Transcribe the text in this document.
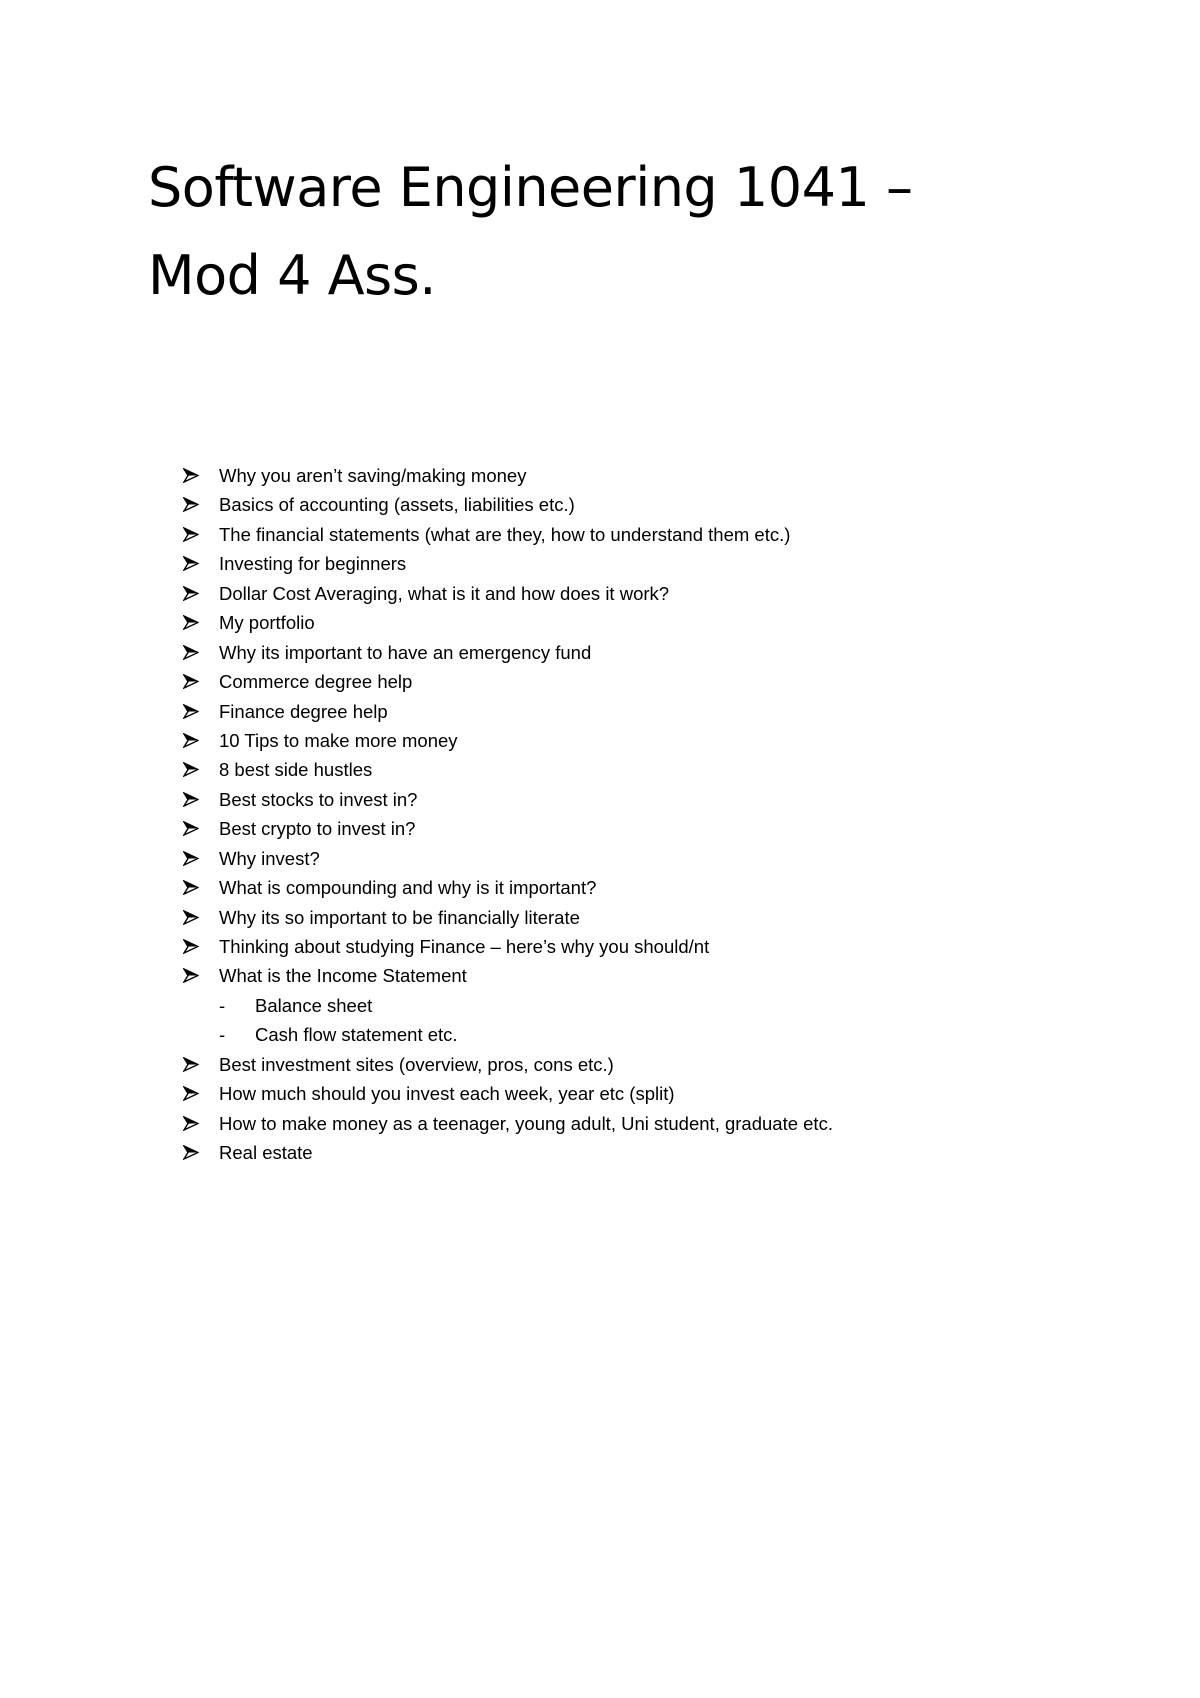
Software Engineering 1041 –
Mod 4 Ass.
Why you aren’t saving/making money
Basics of accounting (assets, liabilities etc.)
The financial statements (what are they, how to understand them etc.)
Investing for beginners
Dollar Cost Averaging, what is it and how does it work?
My portfolio
Why its important to have an emergency fund
Commerce degree help
Finance degree help
10 Tips to make more money
8 best side hustles
Best stocks to invest in?
Best crypto to invest in?
Why invest?
What is compounding and why is it important?
Why its so important to be financially literate
Thinking about studying Finance – here’s why you should/nt
What is the Income Statement
- Balance sheet
- Cash flow statement etc.
Best investment sites (overview, pros, cons etc.)
How much should you invest each week, year etc (split)
How to make money as a teenager, young adult, Uni student, graduate etc.
Real estate
